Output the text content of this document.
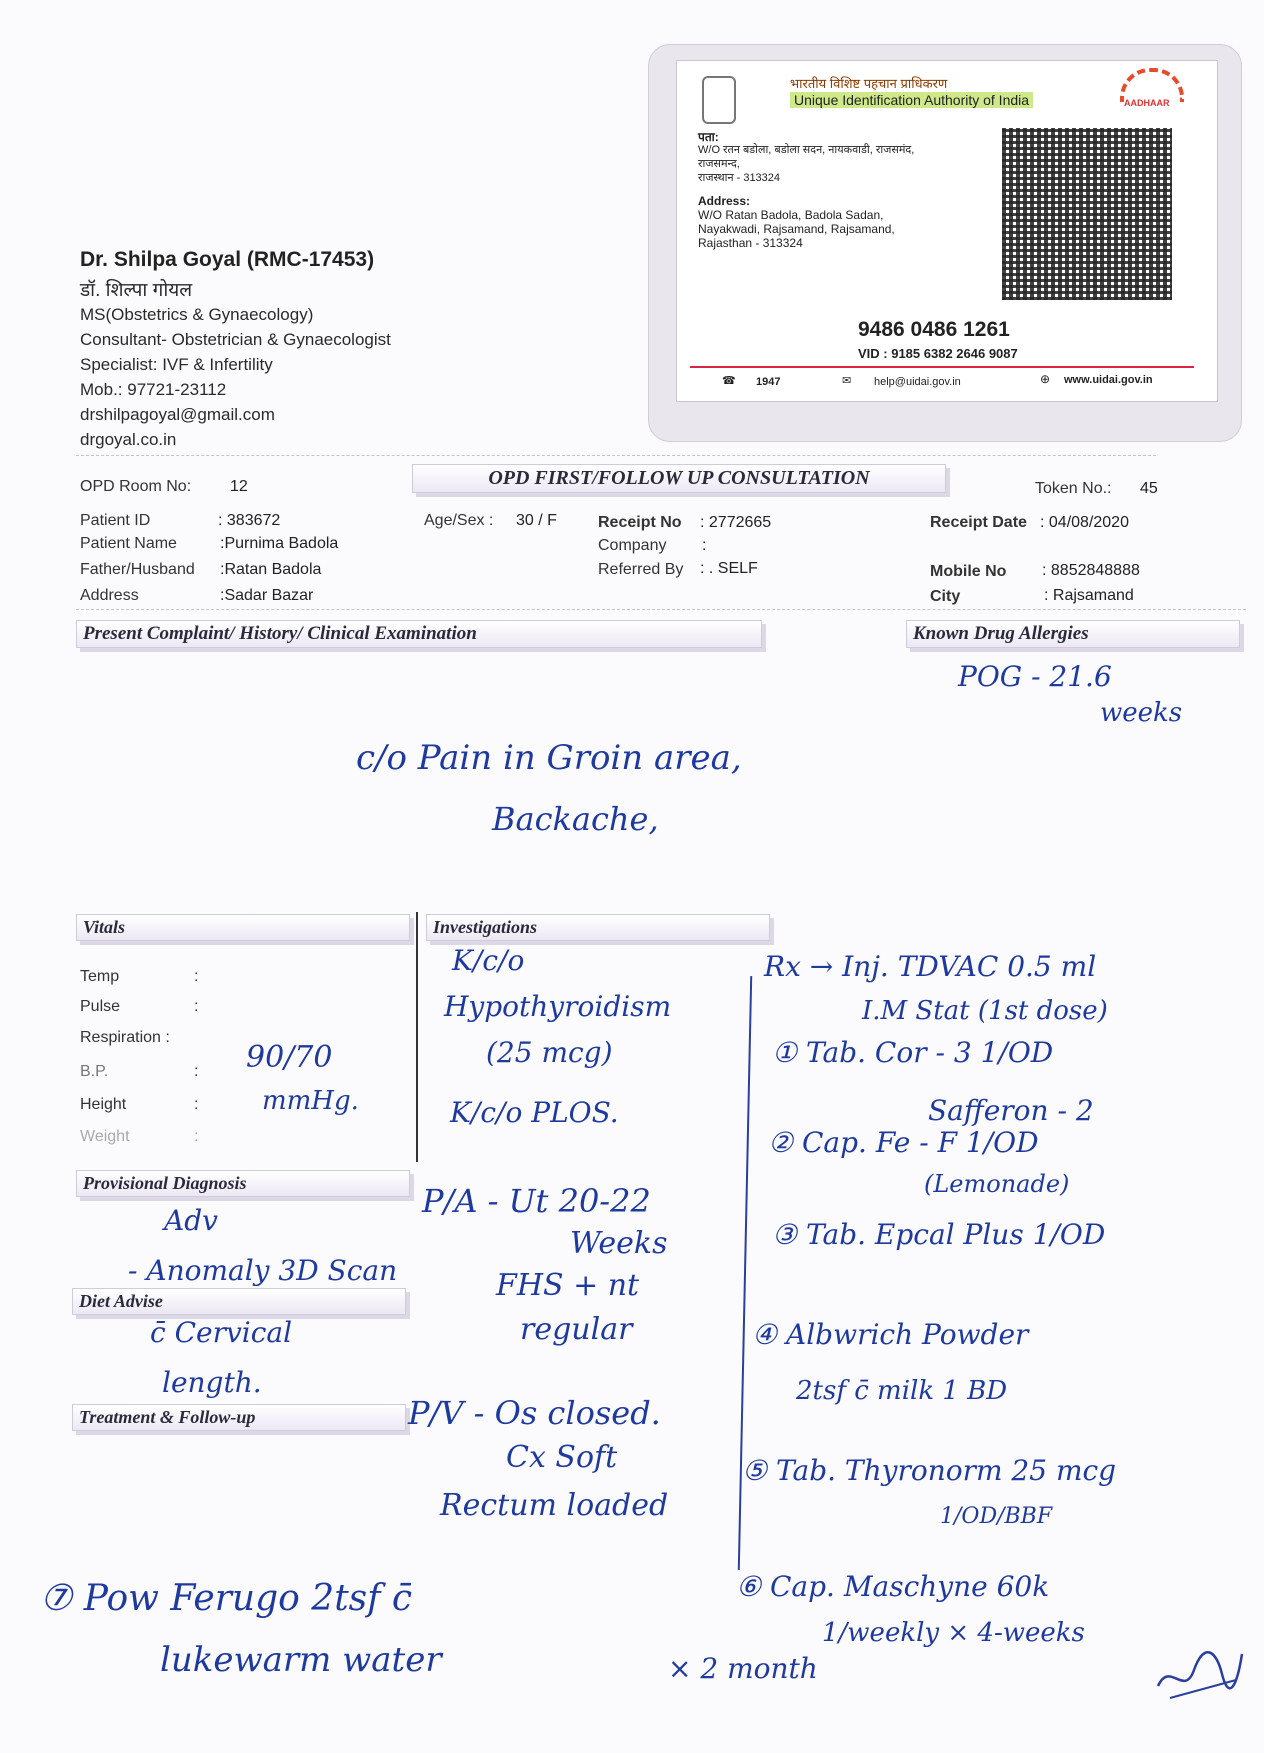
Dr. Shilpa Goyal (RMC-17453)
डॉ. शिल्पा गोयल
MS(Obstetrics & Gynaecology)
Consultant- Obstetrician & Gynaecologist
Specialist: IVF & Infertility
Mob.: 97721-23112
drshilpagoyal@gmail.com
drgoyal.co.in
भारतीय विशिष्ट पहचान प्राधिकरण
Unique Identification Authority of India	AADHAAR
पता:
W/O रतन बडोला, बडोला सदन, नायकवाडी, राजसमंद,
राजसमन्द,
राजस्थान - 313324
Address:
W/O Ratan Badola, Badola Sadan,
Nayakwadi, Rajsamand, Rajsamand,
Rajasthan - 313324
9486 0486 1261
VID : 9185 6382 2646 9087
☎ 1947	✉ help@uidai.gov.in	⊕ www.uidai.gov.in
OPD Room No: 12	OPD FIRST/FOLLOW UP CONSULTATION	Token No.: 45
Patient ID	: 383672
Patient Name	:Purnima Badola
Father/Husband :Ratan Badola
Address	:Sadar Bazar
Age/Sex : 30 / F	Receipt No : 2772665
Company :
Referred By : . SELF
Receipt Date : 04/08/2020
Mobile No : 8852848888
City	: Rajsamand
Present Complaint/ History/ Clinical Examination	Known Drug Allergies
Vitals	Investigations
Provisional Diagnosis
Diet Advise
Treatment & Follow-up
Temp	:
Pulse	:
Respiration :
B.P.	:
Height	:
Weight	:
POG - 21.6
weeks
c/o Pain in Groin area,
Backache,
90/70
mmHg.
K/c/o
Hypothyroidism
(25 mcg)
K/c/o PLOS.
Adv
- Anomaly 3D Scan
c̄ Cervical
length.
P/A - Ut 20-22
Weeks
FHS + nt
regular
P/V - Os closed.
Cx Soft
Rectum loaded
Rx → Inj. TDVAC 0.5 ml
I.M Stat (1st dose)
① Tab. Cor - 3 1/OD
Safferon - 2
② Cap. Fe - F 1/OD
(Lemonade)
③ Tab. Epcal Plus 1/OD
④ Albwrich Powder
2tsf c̄ milk 1 BD
⑤ Tab. Thyronorm 25 mcg
1/OD/BBF
⑥ Cap. Maschyne 60k
1/weekly × 4-weeks
⑦ Pow Ferugo 2tsf c̄
lukewarm water	× 2 month
